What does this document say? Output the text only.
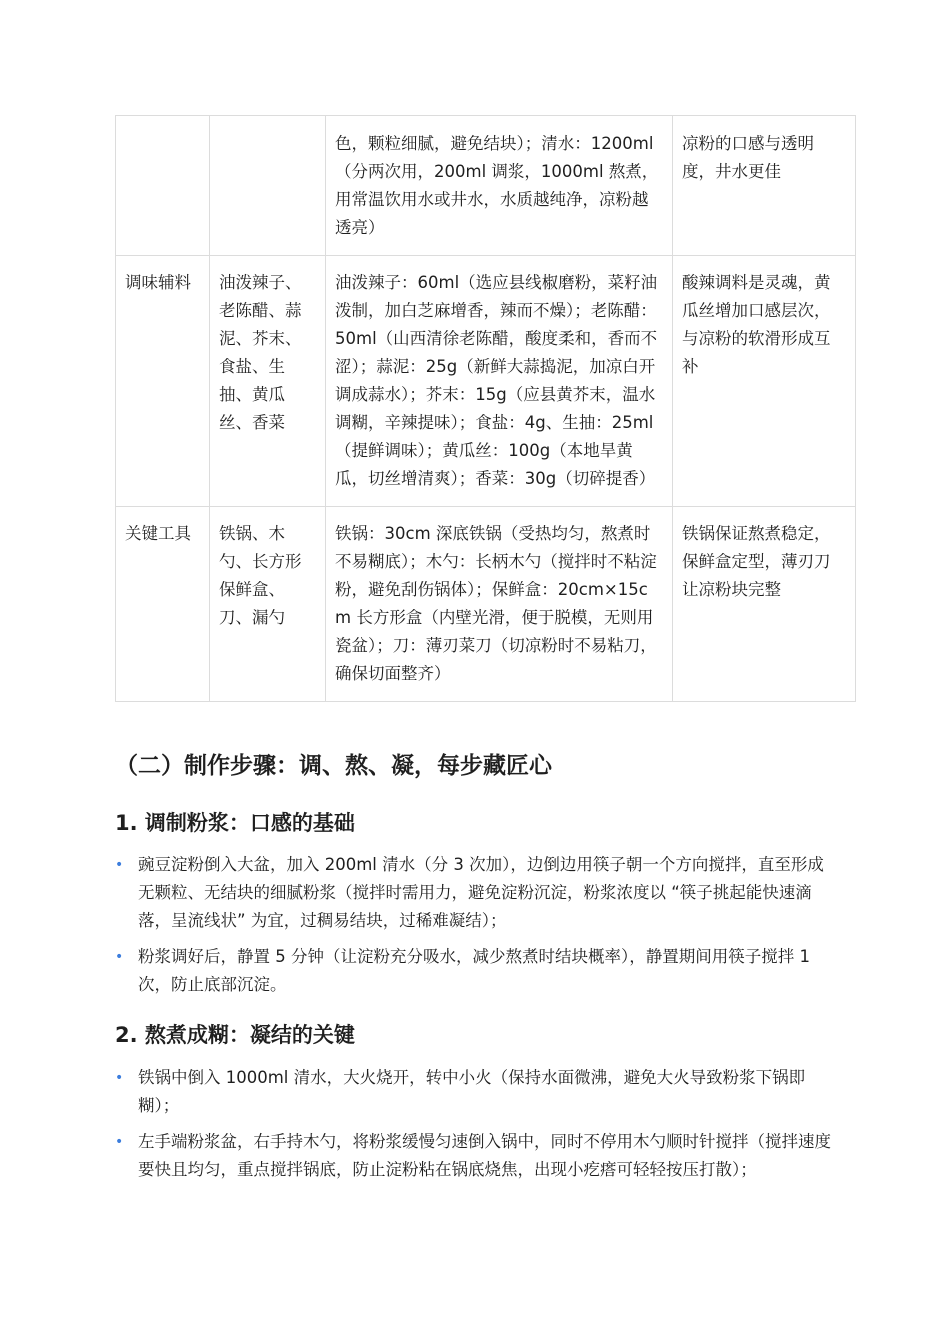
		色，颗粒细腻，避免结块）；清水：1200ml（分两次用，200ml 调浆，1000ml 熬煮，用常温饮用水或井水，水质越纯净，凉粉越透亮）	凉粉的口感与透明度，井水更佳
调味辅料	油泼辣子、老陈醋、蒜泥、芥末、食盐、生抽、黄瓜丝、香菜	油泼辣子：60ml（选应县线椒磨粉，菜籽油泼制，加白芝麻增香，辣而不燥）；老陈醋：50ml（山西清徐老陈醋，酸度柔和，香而不涩）；蒜泥：25g（新鲜大蒜捣泥，加凉白开调成蒜水）；芥末：15g（应县黄芥末，温水调糊，辛辣提味）；食盐：4g、生抽：25ml（提鲜调味）；黄瓜丝：100g（本地旱黄瓜，切丝增清爽）；香菜：30g（切碎提香）	酸辣调料是灵魂，黄瓜丝增加口感层次，与凉粉的软滑形成互补
关键工具	铁锅、木勺、长方形保鲜盒、刀、漏勺	铁锅：30cm 深底铁锅（受热均匀，熬煮时不易糊底）；木勺：长柄木勺（搅拌时不粘淀粉，避免刮伤锅体）；保鲜盒：20cm×15cm 长方形盒（内壁光滑，便于脱模，无则用瓷盆）；刀：薄刃菜刀（切凉粉时不易粘刀，确保切面整齐）	铁锅保证熬煮稳定，保鲜盒定型，薄刃刀让凉粉块完整
（二）制作步骤：调、熬、凝，每步藏匠心
1. 调制粉浆：口感的基础
• 豌豆淀粉倒入大盆，加入 200ml 清水（分 3 次加），边倒边用筷子朝一个方向搅拌，直至形成无颗粒、无结块的细腻粉浆（搅拌时需用力，避免淀粉沉淀，粉浆浓度以 “筷子挑起能快速滴落，呈流线状” 为宜，过稠易结块，过稀难凝结）；
• 粉浆调好后，静置 5 分钟（让淀粉充分吸水，减少熬煮时结块概率），静置期间用筷子搅拌 1 次，防止底部沉淀。
2. 熬煮成糊：凝结的关键
• 铁锅中倒入 1000ml 清水，大火烧开，转中小火（保持水面微沸，避免大火导致粉浆下锅即糊）；
• 左手端粉浆盆，右手持木勺，将粉浆缓慢匀速倒入锅中，同时不停用木勺顺时针搅拌（搅拌速度要快且均匀，重点搅拌锅底，防止淀粉粘在锅底烧焦，出现小疙瘩可轻轻按压打散）；
